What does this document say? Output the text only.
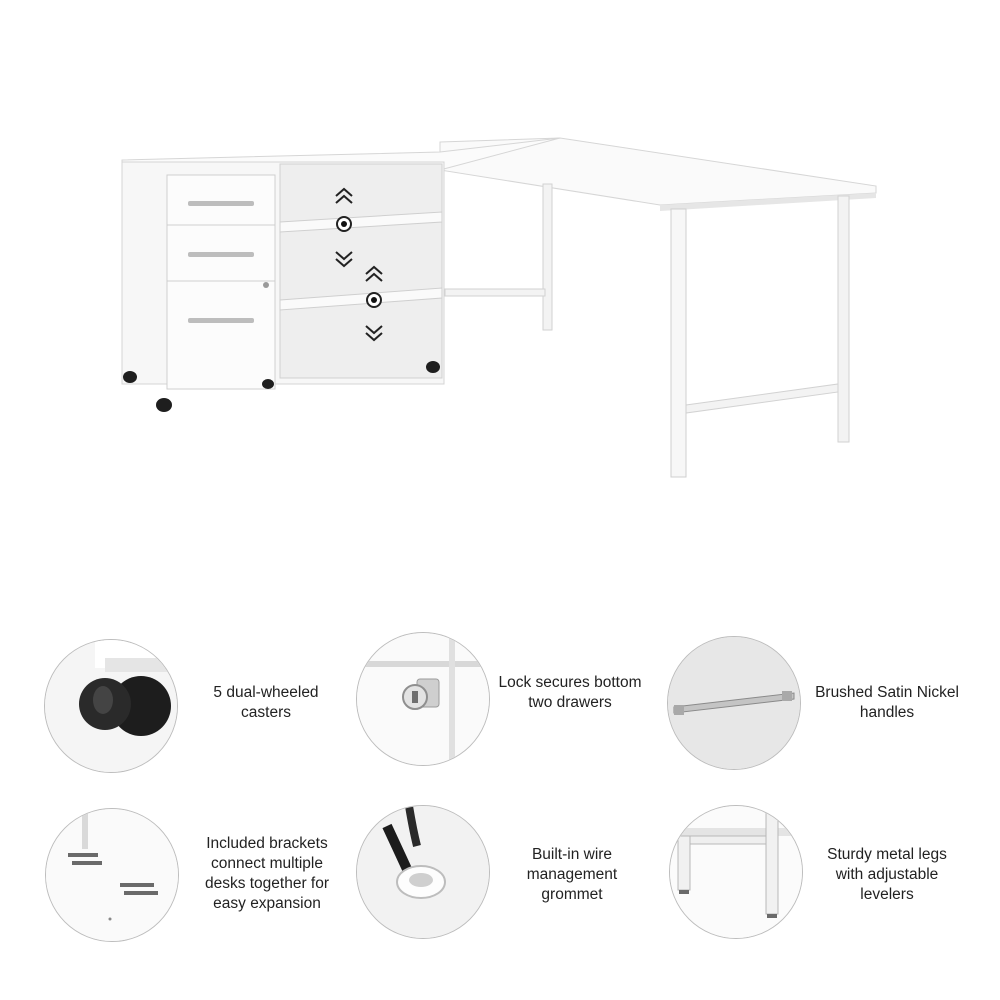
5 dual-wheeled casters
Lock secures bottom two drawers
Brushed Satin Nickel handles
Included brackets connect multiple desks together for easy expansion
Built-in wire management grommet
Sturdy metal legs with adjustable levelers
